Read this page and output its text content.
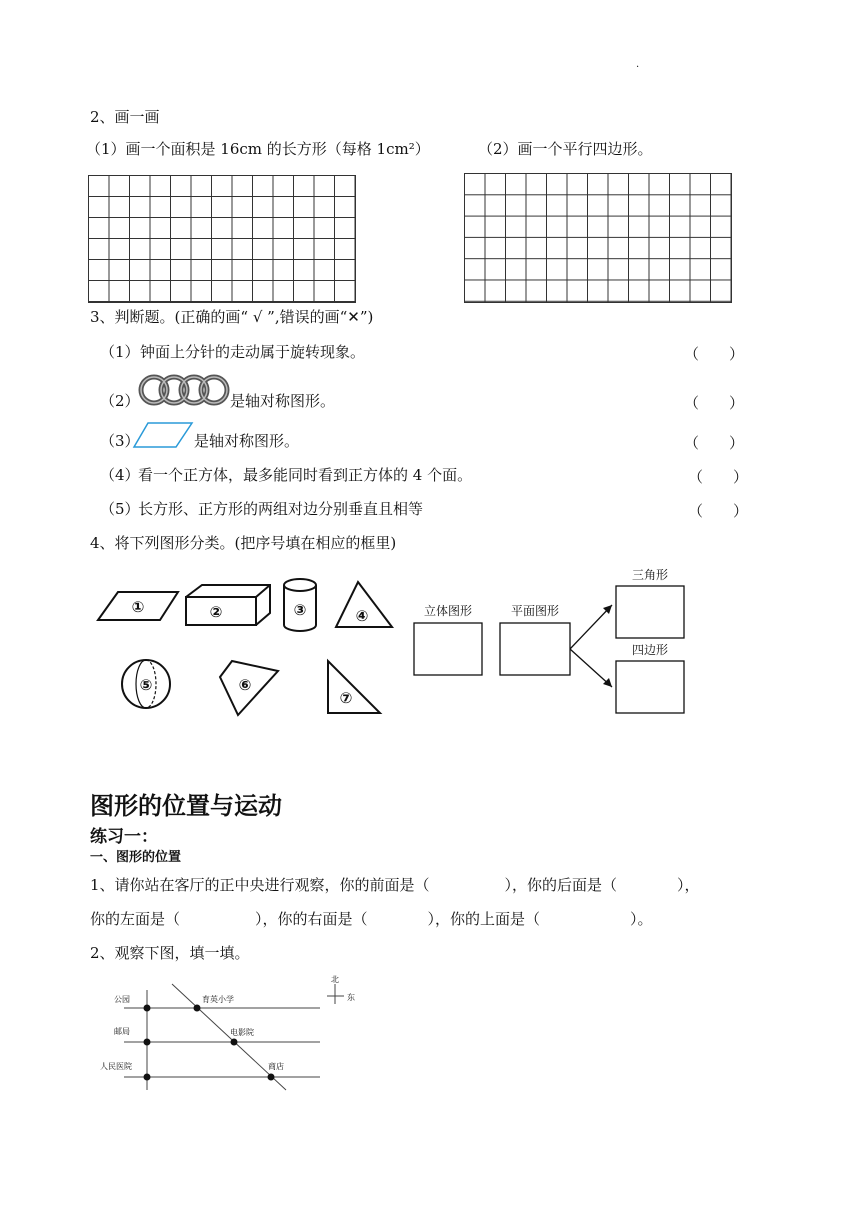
.
2、画一画
（1）画一个面积是 16cm 的长方形（每格 1cm²）	（2）画一个平行四边形。
3、判断题。(正确的画“ √ ”,错误的画“✕”)
（1） 钟面上分针的走动属于旋转现象。	（　　）
（2）	是轴对称图形。	（　　）
（3）	是轴对称图形。	（　　）
（4）
看一个正方体，最多能同时看到正方体的 4 个面。	（　　）
（5）
长方形、正方形的两组对边分别垂直且相等	（　　）
4、将下列图形分类。(把序号填在相应的框里)
①	②	③	④
⑤	⑥
⑦
立体图形	平面图形
三角形
四边形
图形的位置与运动
练习一：
一、图形的位置
1、请你站在客厅的正中央进行观察，你的前面是（　　　　　），你的后面是（　　　　），
你的左面是（　　　　　），你的右面是（　　　　），你的上面是（　　　　　　）。
2、观察下图，填一填。
公园
邮局
人民医院
育英小学
电影院
商店
北
东
